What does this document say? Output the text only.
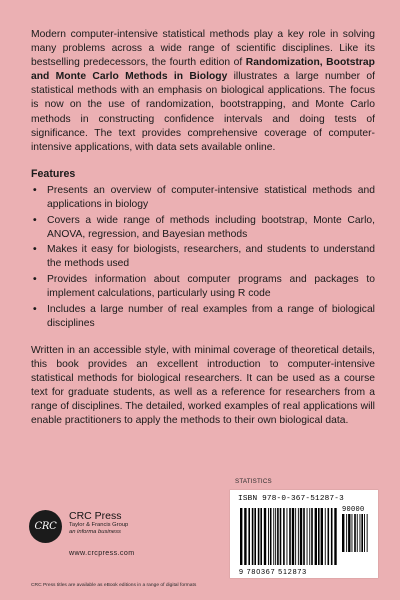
Modern computer-intensive statistical methods play a key role in solving many problems across a wide range of scientific disciplines. Like its bestselling predecessors, the fourth edition of Randomization, Bootstrap and Monte Carlo Methods in Biology illustrates a large number of statistical methods with an emphasis on biological applications. The focus is now on the use of randomization, bootstrapping, and Monte Carlo methods in constructing confidence intervals and doing tests of significance. The text provides comprehensive coverage of computer-intensive applications, with data sets available online.

Features
• Presents an overview of computer-intensive statistical methods and applications in biology
• Covers a wide range of methods including bootstrap, Monte Carlo, ANOVA, regression, and Bayesian methods
• Makes it easy for biologists, researchers, and students to understand the methods used
• Provides information about computer programs and packages to implement calculations, particularly using R code
• Includes a large number of real examples from a range of biological disciplines

Written in an accessible style, with minimal coverage of theoretical details, this book provides an excellent introduction to computer-intensive statistical methods for biological researchers. It can be used as a course text for graduate students, as well as a reference for researchers from a range of disciplines. The detailed, worked examples of real applications will enable practitioners to apply the methods to their own biological data.

STATISTICS
CRC
CRC Press
Taylor & Francis Group
an informa business
www.crcpress.com
CRC Press titles are available as eBook editions in a range of digital formats
ISBN 978-0-367-51287-3
90000
9 780367 512873
